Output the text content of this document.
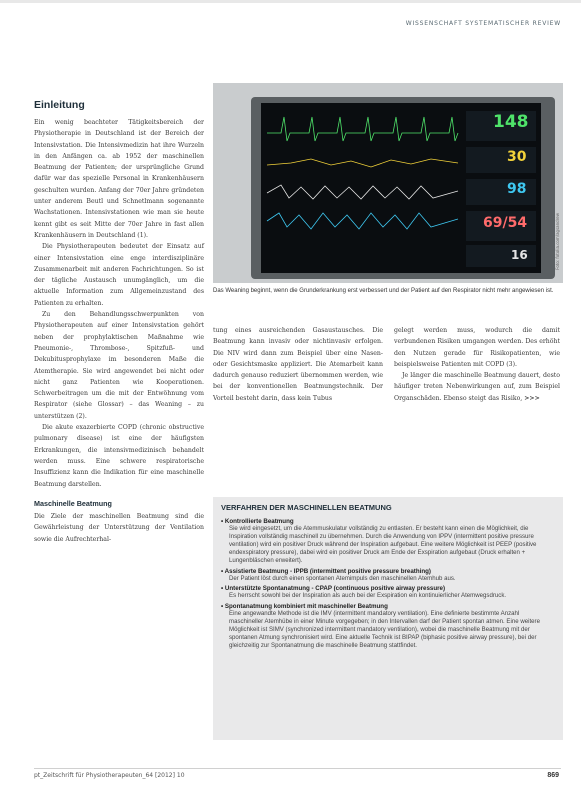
WISSENSCHAFT SYSTEMATISCHER REVIEW
Einleitung

Ein wenig beachteter Tätigkeitsbereich der Physiotherapie in Deutschland ist der Bereich der Intensivstation. Die Intensivmedizin hat ihre Wurzeln in den Anfängen ca. ab 1952 der maschinellen Beatmung der Patienten; der ursprüngliche Grund dafür war das spezielle Personal in Krankenhäusern geschulten wurden. Anfang der 70er Jahre gründeten unter anderem Beutl und Schnetlmann sogenannte Wachstationen. Intensivstationen wie man sie heute kennt gibt es seit Mitte der 70er Jahre in fast allen Krankenhäusern in Deutschland (1).

Die Physiotherapeuten bedeutet der Einsatz auf einer Intensivstation eine enge interdisziplinäre Zusammenarbeit mit anderen Fachrichtungen. So ist der tägliche Austausch unumgänglich, um die aktuelle Information zum Allgemeinzustand des Patienten zu erhalten.

Zu den Behandlungsschwerpunkten von Physiotherapeuten auf einer Intensivstation gehört neben der prophylaktischen Maßnahme wie Pneumonie-, Thrombose-, Spitzfuß- und Dekubitusprophylaxe im besonderen Maße die Atemtherapie. Sie wird angewendet bei nicht oder nicht ganz Patienten wie Kooperationen. Schwerbeitragen um die mit der Entwöhnung vom Respirator (siehe Glossar) – das Weaning – zu unterstützen (2).

Die akute exazerbierte COPD (chronic obstructive pulmonary disease) ist eine der häufigsten Erkrankungen, die intensivmedizinisch behandelt werden muss. Eine schwere respiratorische Insuffizienz kann die Indikation für eine maschinelle Beatmung darstellen.

Maschinelle Beatmung

Die Ziele der maschinellen Beatmung sind die Gewährleistung der Unterstützung der Ventilation sowie die Aufrechterhal-

148
30
98
69/54
16	Foto: fotolia.com/agsandrew
Das Weaning beginnt, wenn die Grunderkrankung erst verbessert und der Patient auf den Respirator nicht mehr angewiesen ist.

tung eines ausreichenden Gasaustausches. Die Beatmung kann invasiv oder nichtinvasiv erfolgen. Die NIV wird dann zum Beispiel über eine Nasen- oder Gesichtsmaske appliziert. Die Atemarbeit kann dadurch genauso reduziert übernommen werden, wie bei der konventionellen Beatmungstechnik. Der Vorteil besteht darin, dass kein Tubus

gelegt werden muss, wodurch die damit verbundenen Risiken umgangen werden. Des erhöht den Nutzen gerade für Risikopatienten, wie beispielsweise Patienten mit COPD (3).

Je länger die maschinelle Beatmung dauert, desto häufiger treten Nebenwirkungen auf, zum Beispiel Organschäden. Ebenso steigt das Risiko, >>>

VERFAHREN DER MASCHINELLEN BEATMUNG
• Kontrollierte Beatmung
Sie wird eingesetzt, um die Atemmuskulatur vollständig zu entlasten. Er besteht kann einen die Möglichkeit, die Inspiration vollständig maschinell zu übernehmen. Durch die Anwendung von IPPV (intermittent positive pressure ventilation) wird ein positiver Druck während der Inspiration aufgebaut. Eine weitere Möglichkeit ist PEEP (positive endexspiratory pressure), dabei wird ein positiver Druck am Ende der Exspiration aufgebaut (Druck erhalten + Lungenbläschen erweitert).
• Assistierte Beatmung - IPPB (intermittent positive pressure breathing)
Der Patient löst durch einen spontanen Atemimpuls den maschinellen Atemhub aus.
• Unterstützte Spontanatmung - CPAP (continuous positive airway pressure)
Es herrscht sowohl bei der Inspiration als auch bei der Exspiration ein kontinuierlicher Atemwegsdruck.
• Spontanatmung kombiniert mit maschineller Beatmung
Eine angewandte Methode ist die IMV (intermittent mandatory ventilation). Eine definierte bestimmte Anzahl maschineller Atemhübe in einer Minute vorgegeben; in den Intervallen darf der Patient spontan atmen. Eine weitere Möglichkeit ist SIMV (synchronized intermittent mandatory ventilation), wobei die maschinelle Beatmung mit der spontanen Atmung synchronisiert wird. Eine aktuelle Technik ist BIPAP (biphasic positive airway pressure), bei der gleichzeitig zur Spontanatmung die maschinelle Beatmung stattfindet.
pt_Zeitschrift für Physiotherapeuten_64 [2012] 10	869
